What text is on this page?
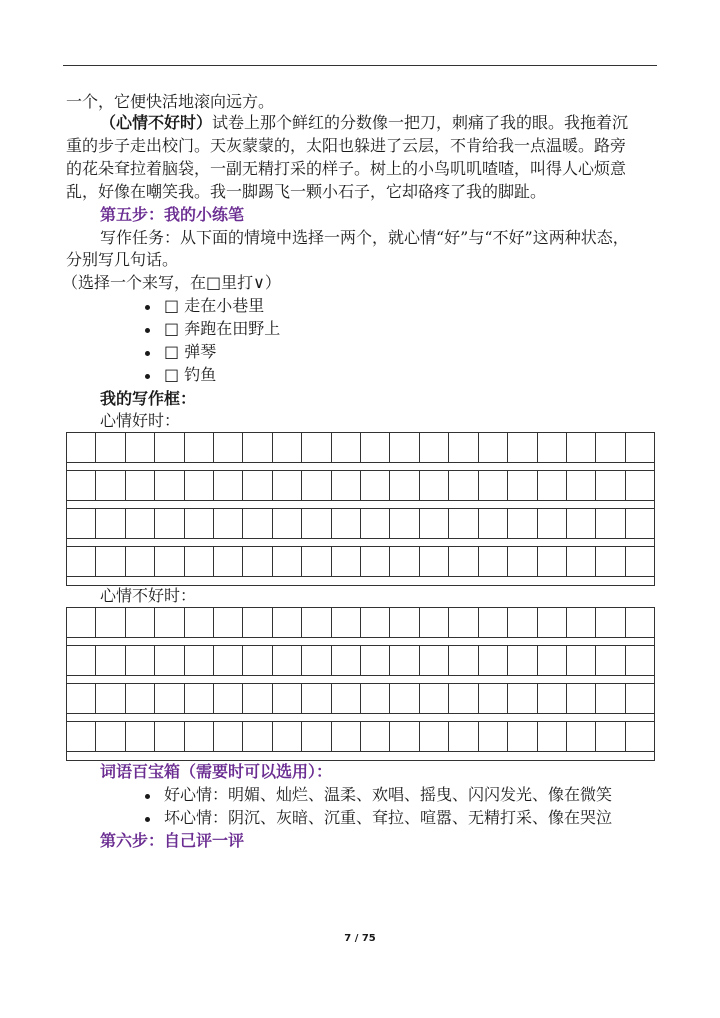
一个，它便快活地滚向远方。
（心情不好时）试卷上那个鲜红的分数像一把刀，刺痛了我的眼。我拖着沉
重的步子走出校门。天灰蒙蒙的，太阳也躲进了云层，不肯给我一点温暖。路旁
的花朵耷拉着脑袋，一副无精打采的样子。树上的小鸟叽叽喳喳，叫得人心烦意
乱，好像在嘲笑我。我一脚踢飞一颗小石子，它却硌疼了我的脚趾。
第五步：我的小练笔
写作任务：从下面的情境中选择一两个，就心情“好”与“不好”这两种状态，
分别写几句话。
（选择一个来写，在□里打∨）
□ 走在小巷里
□ 奔跑在田野上
□ 弹琴
□ 钓鱼
我的写作框：
心情好时：
心情不好时：
词语百宝箱（需要时可以选用）：
好心情：明媚、灿烂、温柔、欢唱、摇曳、闪闪发光、像在微笑
坏心情：阴沉、灰暗、沉重、耷拉、喧嚣、无精打采、像在哭泣
第六步：自己评一评
7 / 75
